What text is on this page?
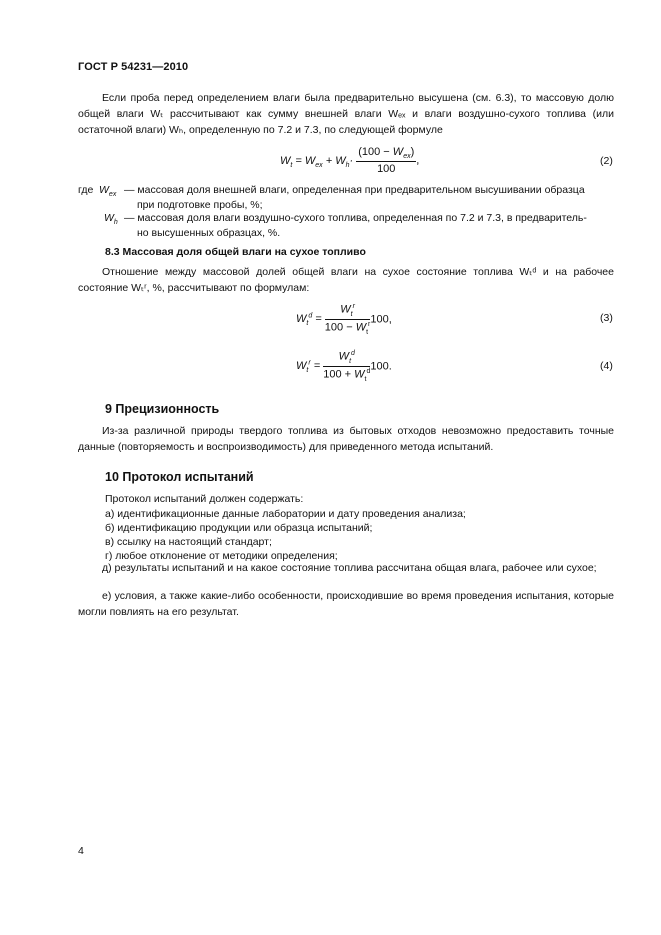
ГОСТ Р 54231—2010
Если проба перед определением влаги была предварительно высушена (см. 6.3), то массовую долю общей влаги Wₜ рассчитывают как сумму внешней влаги Wₑₓ и влаги воздушно-сухого топлива (или остаточной влаги) Wₕ, определенную по 7.2 и 7.3, по следующей формуле
$W_t = W_{ex} + W_h\cdot \frac{(100 - W_{ex})}{100}$ ,	(2)
где $W_{ex}$ — массовая доля внешней влаги, определенная при предварительном высушивании образца
при подготовке пробы, %;
$W_h$ — массовая доля влаги воздушно-сухого топлива, определенная по 7.2 и 7.3, в предваритель-
но высушенных образцах, %.
8.3 Массовая доля общей влаги на сухое топливо
Отношение между массовой долей общей влаги на сухое состояние топлива Wₜᵈ и на рабочее состояние Wₜʳ, %, рассчитывают по формулам:
$W_t^d = \frac{W_t^r}{100 - W_t^r} 100$,	(3)
$W_t^r = \frac{W_t^d}{100 + W_t^d} 100$.	(4)
9 Прецизионность
Из-за различной природы твердого топлива из бытовых отходов невозможно предоставить точные данные (повторяемость и воспроизводимость) для приведенного метода испытаний.
10 Протокол испытаний
Протокол испытаний должен содержать:
а) идентификационные данные лаборатории и дату проведения анализа;
б) идентификацию продукции или образца испытаний;
в) ссылку на настоящий стандарт;
г) любое отклонение от методики определения;
д) результаты испытаний и на какое состояние топлива рассчитана общая влага, рабочее или сухое;
е) условия, а также какие-либо особенности, происходившие во время проведения испытания, которые могли повлиять на его результат.
4
